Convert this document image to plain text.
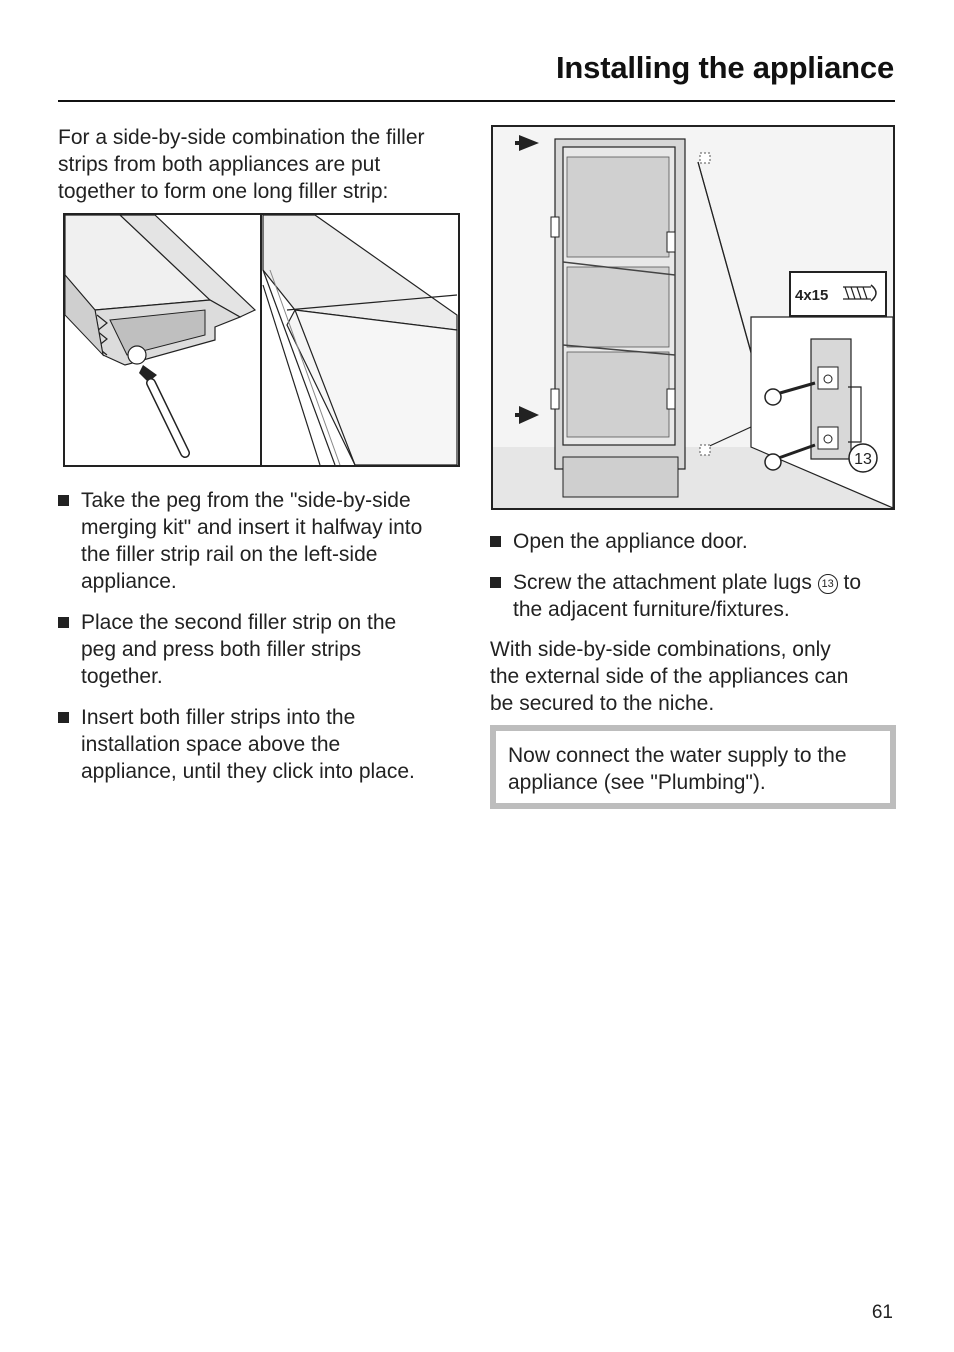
Installing the appliance
For a side-by-side combination the filler
strips from both appliances are put
together to form one long filler strip:
Take the peg from the "side-by-side
merging kit" and insert it halfway into
the filler strip rail on the left-side
appliance.
Place the second filler strip on the
peg and press both filler strips
together.
Insert both filler strips into the
installation space above the
appliance, until they click into place.
4x15
13
Open the appliance door.
Screw the attachment plate lugs 13 to
the adjacent furniture/fixtures.
With side-by-side combinations, only
the external side of the appliances can
be secured to the niche.
Now connect the water supply to the
appliance (see "Plumbing").
61
